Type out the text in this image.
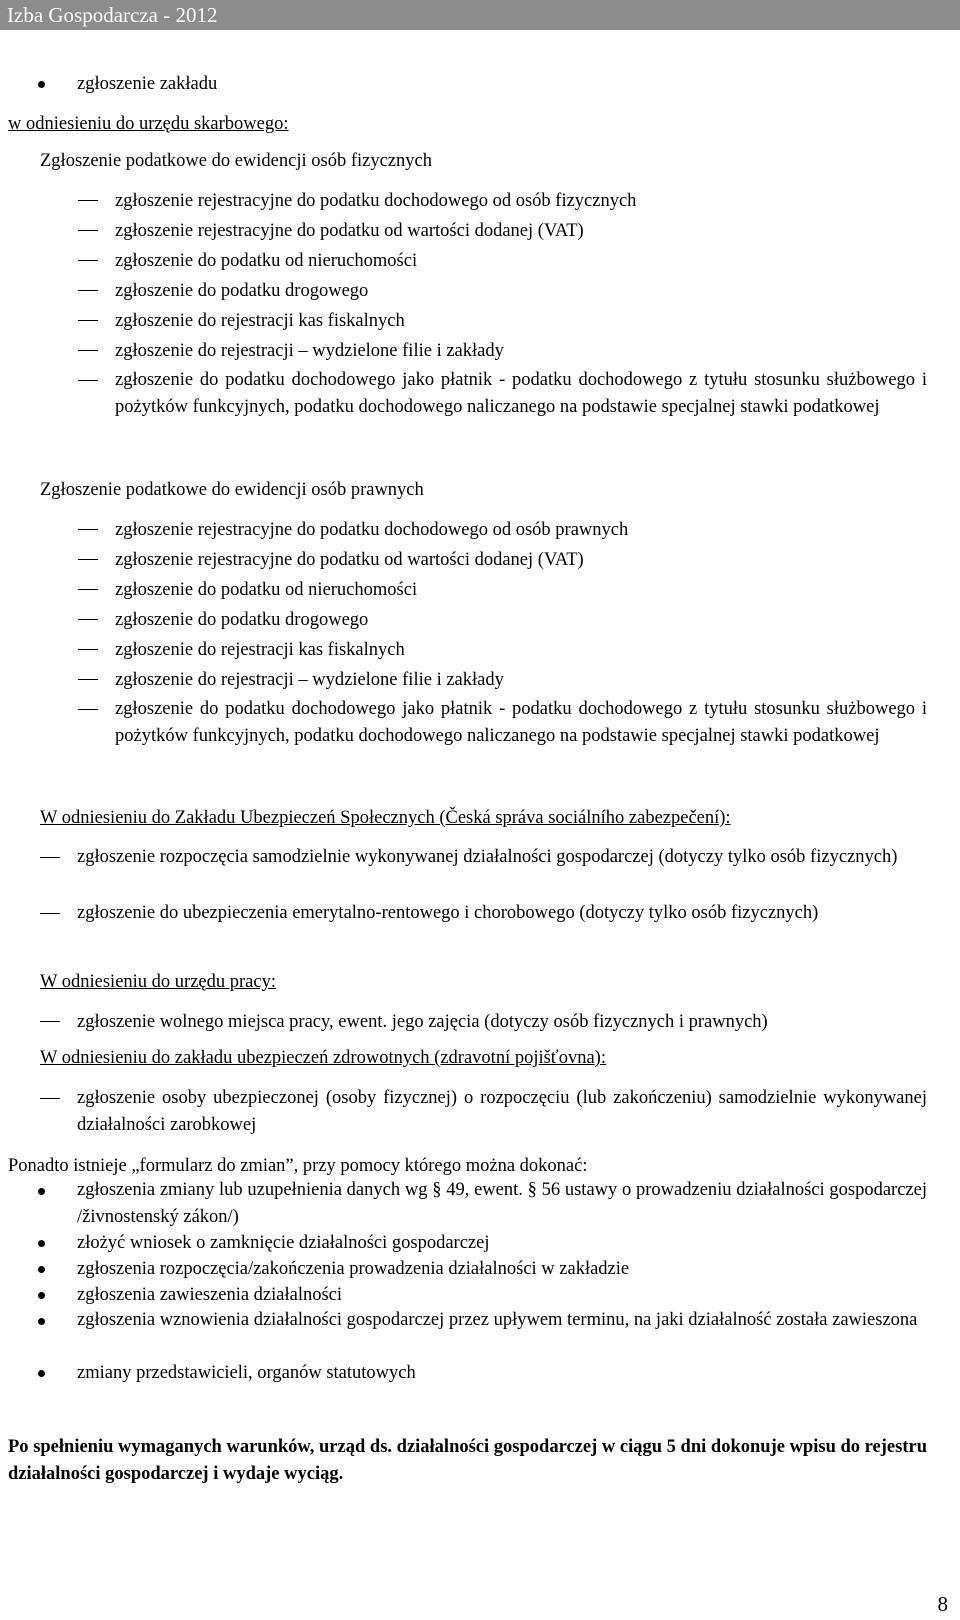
Izba Gospodarcza - 2012
zgłoszenie zakładu
w odniesieniu do urzędu skarbowego:
Zgłoszenie podatkowe do ewidencji osób fizycznych
zgłoszenie rejestracyjne do podatku dochodowego od osób fizycznych
zgłoszenie rejestracyjne do podatku od wartości dodanej (VAT)
zgłoszenie do podatku od nieruchomości
zgłoszenie do podatku drogowego
zgłoszenie do rejestracji kas fiskalnych
zgłoszenie do rejestracji – wydzielone filie i zakłady
zgłoszenie do podatku dochodowego jako płatnik - podatku dochodowego z tytułu stosunku służbowego i pożytków funkcyjnych, podatku dochodowego naliczanego na podstawie specjalnej stawki podatkowej
Zgłoszenie podatkowe do ewidencji osób prawnych
zgłoszenie rejestracyjne do podatku dochodowego od osób prawnych
zgłoszenie rejestracyjne do podatku od wartości dodanej (VAT)
zgłoszenie do podatku od nieruchomości
zgłoszenie do podatku drogowego
zgłoszenie do rejestracji kas fiskalnych
zgłoszenie do rejestracji – wydzielone filie i zakłady
zgłoszenie do podatku dochodowego jako płatnik - podatku dochodowego z tytułu stosunku służbowego i pożytków funkcyjnych, podatku dochodowego naliczanego na podstawie specjalnej stawki podatkowej
W odniesieniu do Zakładu Ubezpieczeń Społecznych (Česká správa sociálního zabezpečení):
zgłoszenie rozpoczęcia samodzielnie wykonywanej działalności gospodarczej (dotyczy tylko osób fizycznych)
zgłoszenie do ubezpieczenia emerytalno-rentowego i chorobowego (dotyczy tylko osób fizycznych)
W odniesieniu do urzędu pracy:
zgłoszenie wolnego miejsca pracy, ewent. jego zajęcia (dotyczy osób fizycznych i prawnych)
W odniesieniu do zakładu ubezpieczeń zdrowotnych (zdravotní pojišťovna):
zgłoszenie osoby ubezpieczonej (osoby fizycznej) o rozpoczęciu (lub zakończeniu) samodzielnie wykonywanej działalności zarobkowej
Ponadto istnieje „formularz do zmian”, przy pomocy którego można dokonać:
zgłoszenia zmiany lub uzupełnienia danych wg § 49, ewent. § 56 ustawy o prowadzeniu działalności gospodarczej /živnostenský zákon/)
złożyć wniosek o zamknięcie działalności gospodarczej
zgłoszenia rozpoczęcia/zakończenia prowadzenia działalności w zakładzie
zgłoszenia zawieszenia działalności
zgłoszenia wznowienia działalności gospodarczej przez upływem terminu, na jaki działalność została zawieszona
zmiany przedstawicieli, organów statutowych
Po spełnieniu wymaganych warunków, urząd ds. działalności gospodarczej w ciągu 5 dni dokonuje wpisu do rejestru działalności gospodarczej i wydaje wyciąg.
8
